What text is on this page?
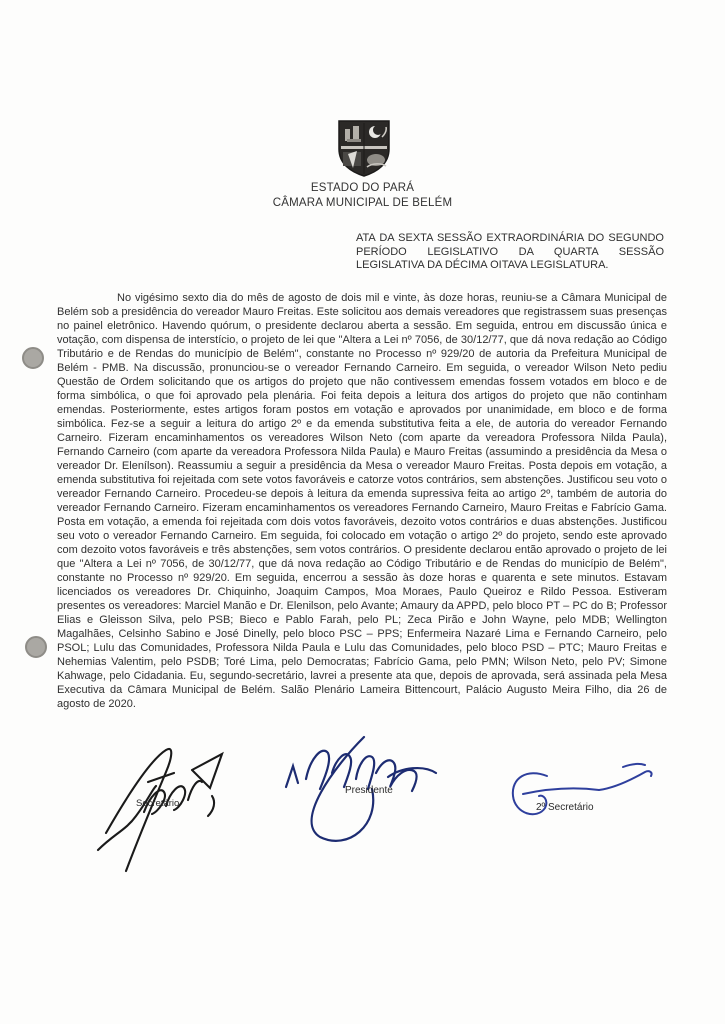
ESTADO DO PARÁ
CÂMARA MUNICIPAL DE BELÉM
ATA DA SEXTA SESSÃO EXTRAORDINÁRIA DO SEGUNDO PERÍODO LEGISLATIVO DA QUARTA SESSÃO LEGISLATIVA DA DÉCIMA OITAVA LEGISLATURA.
No vigésimo sexto dia do mês de agosto de dois mil e vinte, às doze horas, reuniu-se a Câmara Municipal de Belém sob a presidência do vereador Mauro Freitas. Este solicitou aos demais vereadores que registrassem suas presenças no painel eletrônico. Havendo quórum, o presidente declarou aberta a sessão. Em seguida, entrou em discussão única e votação, com dispensa de interstício, o projeto de lei que "Altera a Lei nº 7056, de 30/12/77, que dá nova redação ao Código Tributário e de Rendas do município de Belém", constante no Processo nº 929/20 de autoria da Prefeitura Municipal de Belém - PMB. Na discussão, pronunciou-se o vereador Fernando Carneiro. Em seguida, o vereador Wilson Neto pediu Questão de Ordem solicitando que os artigos do projeto que não contivessem emendas fossem votados em bloco e de forma simbólica, o que foi aprovado pela plenária. Foi feita depois a leitura dos artigos do projeto que não continham emendas. Posteriormente, estes artigos foram postos em votação e aprovados por unanimidade, em bloco e de forma simbólica. Fez-se a seguir a leitura do artigo 2º e da emenda substitutiva feita a ele, de autoria do vereador Fernando Carneiro. Fizeram encaminhamentos os vereadores Wilson Neto (com aparte da vereadora Professora Nilda Paula), Fernando Carneiro (com aparte da vereadora Professora Nilda Paula) e Mauro Freitas (assumindo a presidência da Mesa o vereador Dr. Elenílson). Reassumiu a seguir a presidência da Mesa o vereador Mauro Freitas. Posta depois em votação, a emenda substitutiva foi rejeitada com sete votos favoráveis e catorze votos contrários, sem abstenções. Justificou seu voto o vereador Fernando Carneiro. Procedeu-se depois à leitura da emenda supressiva feita ao artigo 2º, também de autoria do vereador Fernando Carneiro. Fizeram encaminhamentos os vereadores Fernando Carneiro, Mauro Freitas e Fabrício Gama. Posta em votação, a emenda foi rejeitada com dois votos favoráveis, dezoito votos contrários e duas abstenções. Justificou seu voto o vereador Fernando Carneiro. Em seguida, foi colocado em votação o artigo 2º do projeto, sendo este aprovado com dezoito votos favoráveis e três abstenções, sem votos contrários. O presidente declarou então aprovado o projeto de lei que "Altera a Lei nº 7056, de 30/12/77, que dá nova redação ao Código Tributário e de Rendas do município de Belém", constante no Processo nº 929/20. Em seguida, encerrou a sessão às doze horas e quarenta e sete minutos. Estavam licenciados os vereadores Dr. Chiquinho, Joaquim Campos, Moa Moraes, Paulo Queiroz e Rildo Pessoa. Estiveram presentes os vereadores: Marciel Manão e Dr. Elenilson, pelo Avante; Amaury da APPD, pelo bloco PT – PC do B; Professor Elias e Gleisson Silva, pelo PSB; Bieco e Pablo Farah, pelo PL; Zeca Pirão e John Wayne, pelo MDB; Wellington Magalhães, Celsinho Sabino e José Dinelly, pelo bloco PSC – PPS; Enfermeira Nazaré Lima e Fernando Carneiro, pelo PSOL; Lulu das Comunidades, Professora Nilda Paula e Lulu das Comunidades, pelo bloco PSD – PTC; Mauro Freitas e Nehemias Valentim, pelo PSDB; Toré Lima, pelo Democratas; Fabrício Gama, pelo PMN; Wilson Neto, pelo PV; Simone Kahwage, pelo Cidadania. Eu, segundo-secretário, lavrei a presente ata que, depois de aprovada, será assinada pela Mesa Executiva da Câmara Municipal de Belém. Salão Plenário Lameira Bittencourt, Palácio Augusto Meira Filho, dia 26 de agosto de 2020.
Secretário
Presidente
2º Secretário
